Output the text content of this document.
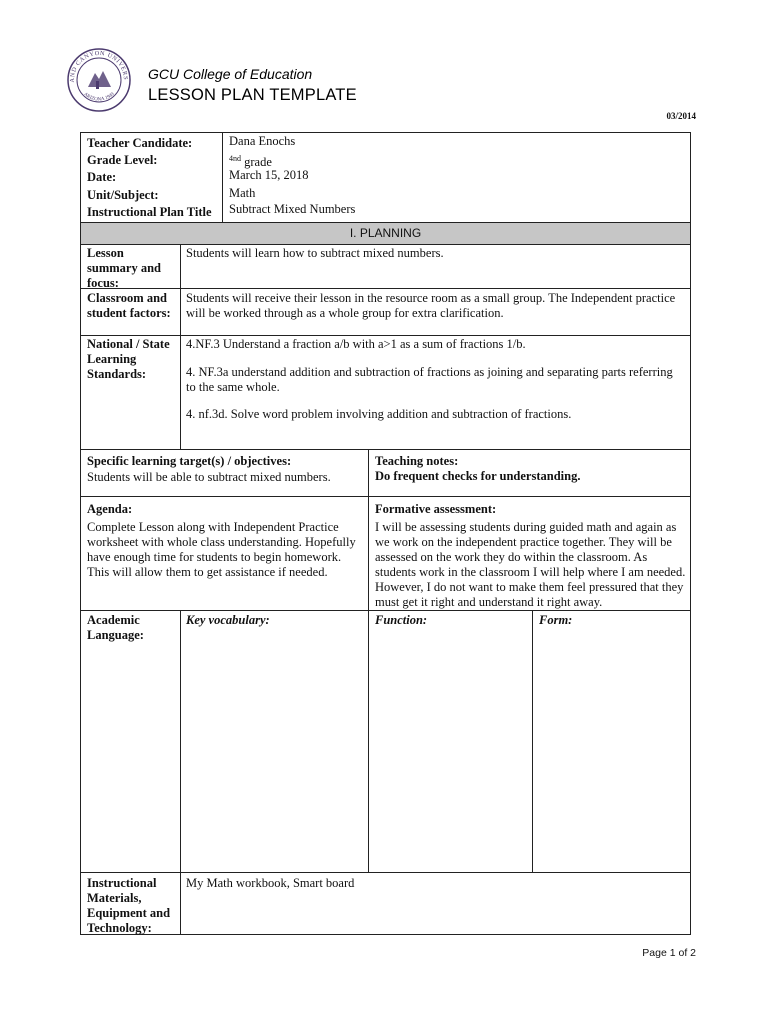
AND CANYON UNIVERS
ARIZONA 1949
GCU College of Education
LESSON PLAN TEMPLATE
03/2014
Teacher Candidate:
Grade Level:
Date:
Unit/Subject:
Instructional Plan Title
Dana Enochs
$^{4nd}$ grade
March 15, 2018
Math
Subtract Mixed Numbers
I. PLANNING
Lesson summary and focus:
Students will learn how to subtract mixed numbers.
Classroom and student factors:
Students will receive their lesson in the resource room as a small group. The Independent practice will be worked through as a whole group for extra clarification.
National / State Learning Standards:
4.NF.3 Understand a fraction a/b with a>1 as a sum of fractions 1/b.
4. NF.3a understand addition and subtraction of fractions as joining and separating parts referring to the same whole.
4. nf.3d. Solve word problem involving addition and subtraction of fractions.
Specific learning target(s) / objectives:
Students will be able to subtract mixed numbers.
Teaching notes:
Do frequent checks for understanding.
Agenda:
Complete Lesson along with Independent Practice worksheet with whole class understanding. Hopefully have enough time for students to begin homework. This will allow them to get assistance if needed.
Formative assessment:
I will be assessing students during guided math and again as we work on the independent practice together. They will be assessed on the work they do within the classroom. As students work in the classroom I will help where I am needed. However, I do not want to make them feel pressured that they must get it right and understand it right away.
Academic Language:
Key vocabulary:	Function:	Form:
Instructional Materials, Equipment and Technology:
My Math workbook, Smart board
Page 1 of 2
